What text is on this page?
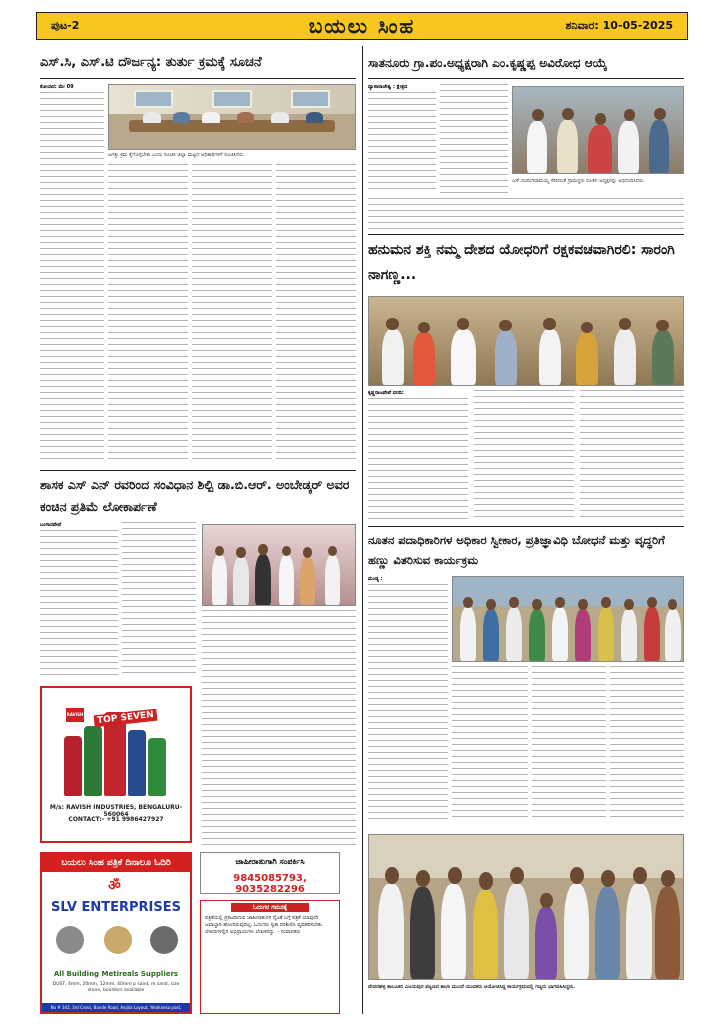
ಪುಟ-2	ಬಯಲು ಸಿಂಹ	ಶನಿವಾರ: 10-05-2025
ಎಸ್.ಸಿ, ಎಸ್.ಟಿ ದೌರ್ಜನ್ಯ: ತುರ್ತು ಕ್ರಮಕ್ಕೆ ಸೂಚನೆ
ಕೋಲಾರ: ಮೇ 09
ಜಗತ್ತು ಕ್ರಮ ಕೈಗೊಳ್ಳಬೇಕು ಎಂದು ಸೂಚಿಸಿ ಜಿಲ್ಲಾ ಮಟ್ಟದ ಅಧಿಕಾರಿಗಳಿಗೆ ಸೂಚಿಸಿದರು.
ಸಾತನೂರು ಗ್ರಾ.ಪಂ.ಅಧ್ಯಕ್ಷರಾಗಿ ಎಂ.ಕೃಷ್ಣಪ್ಪ ಅವಿರೋಧ ಆಯ್ಕೆ
ವ್ಯಾಸಾರಾಜೇಶ್ವ : ಕ್ಷೇತ್ರದ
ಎಸ್.ಸಂಪಂಗಿರಾಮಯ್ಯ ಸೇರಿದಂತೆ ಗ್ರಾಮಸ್ಥರು ನೂತನ ಅಧ್ಯಕ್ಷರನ್ನು ಅಭಿನಂದಿಸಿದರು.
ಹನುಮನ ಶಕ್ತಿ ನಮ್ಮ ದೇಶದ ಯೋಧರಿಗೆ ರಕ್ಷಕವಚವಾಗಿರಲಿ: ಸಾರಂಗಿ ನಾಗಣ್ಣ...
ಕೃಷ್ಣರಾಜಪೇಟೆ ವರದಿ:
ಶಾಸಕ ಎಸ್ ಎನ್ ರವರಿಂದ ಸಂವಿಧಾನ ಶಿಲ್ಪಿ ಡಾ.ಬಿ.ಆರ್. ಅಂಬೇಡ್ಕರ್ ಅವರ ಕಂಚಿನ ಪ್ರತಿಮೆ ಲೋಕಾರ್ಪಣೆ
ಬಂಗಾರಪೇಟೆ
RAVISH	TOP SEVEN
M/s: RAVISH INDUSTRIES, BENGALURU-560064
CONTACT:- +91 9986427927
ಬಯಲು ಸಿಂಹ ಪತ್ರಿಕೆ ದಿನಾಲೂ ಓದಿರಿ
ॐ
SLV ENTERPRISES
All Building Metireals Suppliers
DUST, 4mm, 20mm, 12mm, 40mm p sand, m sand, size stone, boulders available
No # 342, 3rd Cross, Bande Road, Anjala Layout, Yelahanka post, Bengaluru-64
ಜಾಹೀರಾತುಗಾಗಿ ಸಂಪರ್ಕಿಸಿ
9845085793, 9035282296
ಓದುಗರ ಗಮನಕ್ಕೆ
ಪತ್ರಿಕೆಯಲ್ಲಿ ಪ್ರಕಟವಾಗುವ ಜಾಹೀರಾತುಗಳ ನೈಜತೆ ಬಗ್ಗೆ ಪತ್ರಿಕೆ ಯಾವುದೇ ಜವಾಬ್ದಾರಿ ಹೊಂದಿರುವುದಿಲ್ಲ. ಓದುಗರು ಸ್ವತಃ ಪರಿಶೀಲಿಸಿ ವ್ಯವಹರಿಸಬೇಕು. ಲೇಖನಗಳಲ್ಲಿನ ಅಭಿಪ್ರಾಯಗಳು ಲೇಖಕರದ್ದು. - ಸಂಪಾದಕರು
ನೂತನ ಪದಾಧಿಕಾರಿಗಳ ಅಧಿಕಾರ ಸ್ವೀಕಾರ, ಪ್ರತಿಜ್ಞಾವಿಧಿ ಬೋಧನೆ ಮತ್ತು ವೃದ್ಧರಿಗೆ ಹಣ್ಣು ವಿತರಿಸುವ ಕಾರ್ಯಕ್ರಮ
ಮಂಡ್ಯ :
ದೇವನಹಳ್ಳಿ ತಾಲೂಕಿನ ವಿಜಯಪುರ ಪಟ್ಟಣದ ಶಾಲಾ ಮುಂದೆ ಯುವಕರು ಆಯೋಜಿಸಿದ್ದ ಕಾರ್ಯಕ್ರಮದಲ್ಲಿ ಗಣ್ಯರು ಭಾಗವಹಿಸಿದ್ದರು.
